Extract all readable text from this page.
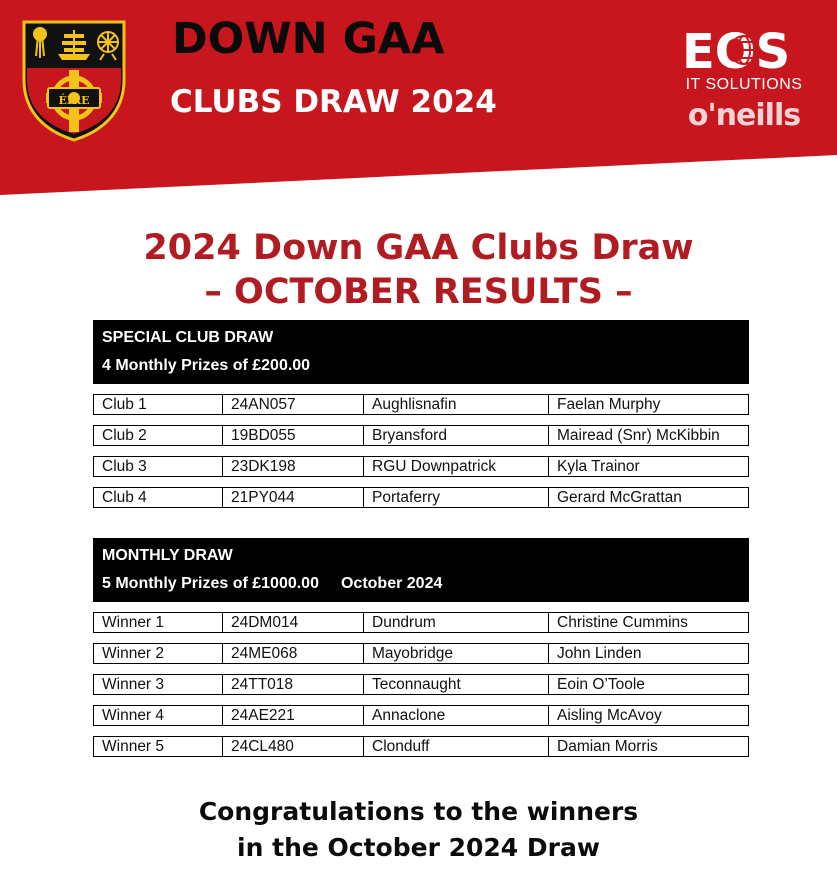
ÉIRE
DOWN GAA
CLUBS DRAW 2024
EOS
IT SOLUTIONS
o'neills
2024 Down GAA Clubs Draw
– OCTOBER RESULTS –
SPECIAL CLUB DRAW
4 Monthly Prizes of £200.00
Club 1	24AN057	Aughlisnafin	Faelan Murphy
Club 2	19BD055	Bryansford	Mairead (Snr) McKibbin
Club 3	23DK198	RGU Downpatrick	Kyla Trainor
Club 4	21PY044	Portaferry	Gerard McGrattan
MONTHLY DRAW
5 Monthly Prizes of £1000.00 October 2024
Winner 1	24DM014	Dundrum	Christine Cummins
Winner 2	24ME068	Mayobridge	John Linden
Winner 3	24TT018	Teconnaught	Eoin O’Toole
Winner 4	24AE221	Annaclone	Aisling McAvoy
Winner 5	24CL480	Clonduff	Damian Morris

Congratulations to the winners

in the October 2024 Draw
